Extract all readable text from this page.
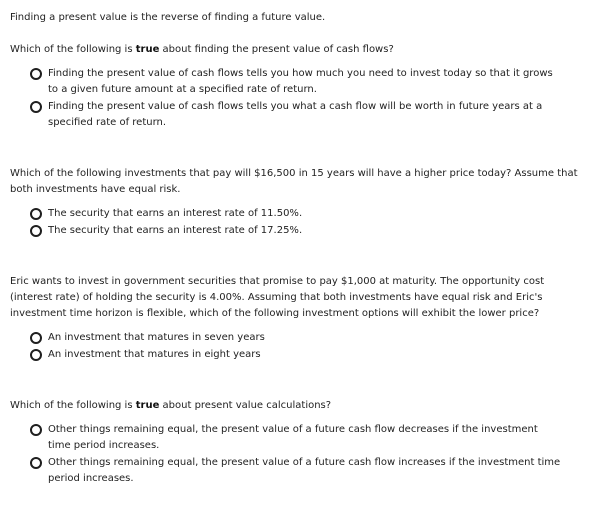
Finding a present value is the reverse of finding a future value.
Which of the following is true about finding the present value of cash flows?
Finding the present value of cash flows tells you how much you need to invest today so that it grows to a given future amount at a specified rate of return.
Finding the present value of cash flows tells you what a cash flow will be worth in future years at a specified rate of return.
Which of the following investments that pay will $16,500 in 15 years will have a higher price today? Assume that both investments have equal risk.
The security that earns an interest rate of 11.50%.
The security that earns an interest rate of 17.25%.
Eric wants to invest in government securities that promise to pay $1,000 at maturity. The opportunity cost (interest rate) of holding the security is 4.00%. Assuming that both investments have equal risk and Eric's investment time horizon is flexible, which of the following investment options will exhibit the lower price?
An investment that matures in seven years
An investment that matures in eight years
Which of the following is true about present value calculations?
Other things remaining equal, the present value of a future cash flow decreases if the investment time period increases.
Other things remaining equal, the present value of a future cash flow increases if the investment time period increases.
